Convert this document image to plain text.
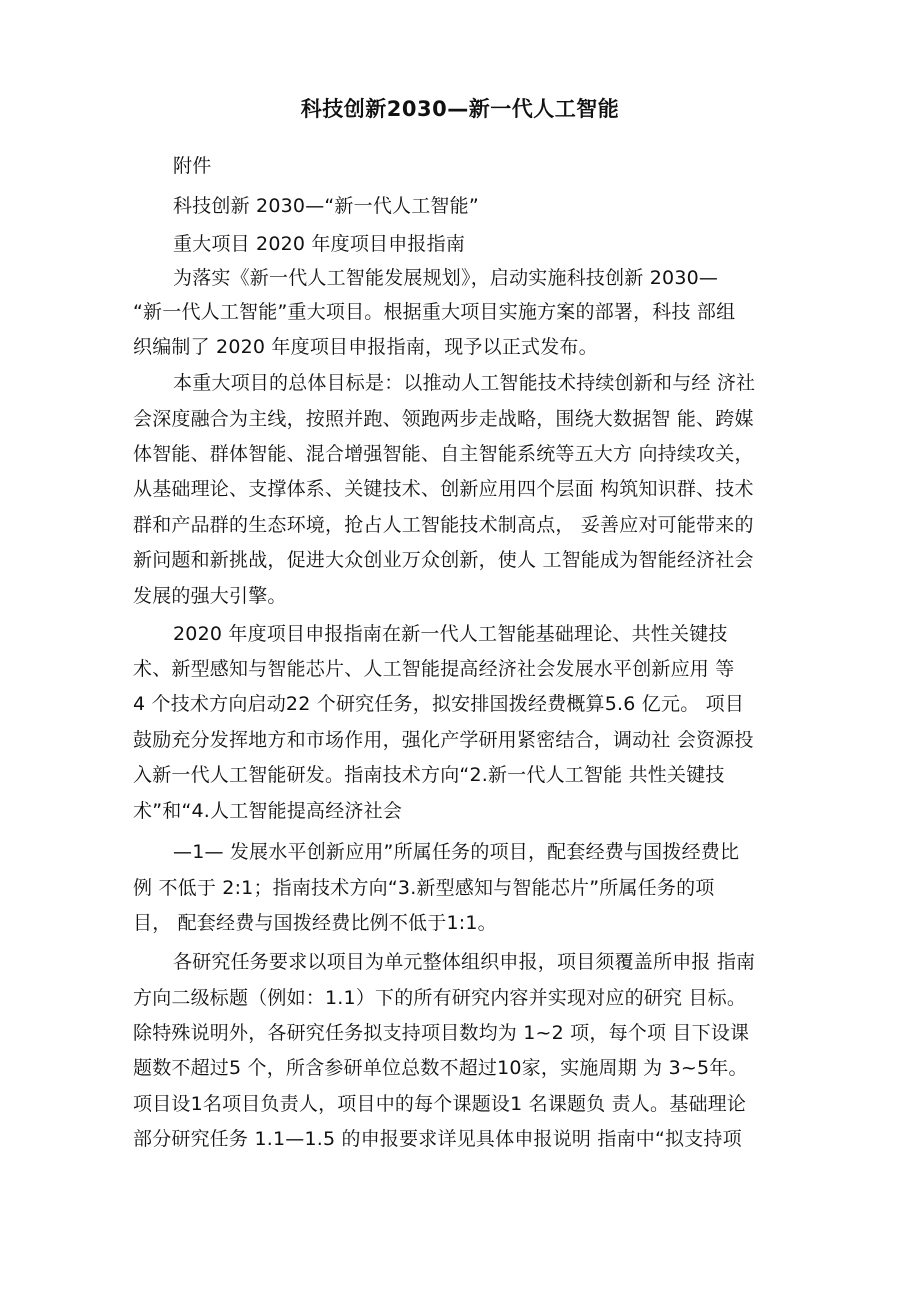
科技创新2030—新一代人工智能
附件
科技创新 2030—“新一代人工智能”
重大项目 2020 年度项目申报指南
为落实《新一代人工智能发展规划》，启动实施科技创新 2030—
“新一代人工智能”重大项目。根据重大项目实施方案的部署，科技 部组
织编制了 2020 年度项目申报指南，现予以正式发布。
本重大项目的总体目标是：以推动人工智能技术持续创新和与经 济社
会深度融合为主线，按照并跑、领跑两步走战略，围绕大数据智 能、跨媒
体智能、群体智能、混合增强智能、自主智能系统等五大方 向持续攻关，
从基础理论、支撑体系、关键技术、创新应用四个层面 构筑知识群、技术
群和产品群的生态环境，抢占人工智能技术制高点， 妥善应对可能带来的
新问题和新挑战，促进大众创业万众创新，使人 工智能成为智能经济社会
发展的强大引擎。
2020 年度项目申报指南在新一代人工智能基础理论、共性关键技
术、新型感知与智能芯片、人工智能提高经济社会发展水平创新应用 等
4 个技术方向启动22 个研究任务，拟安排国拨经费概算5.6 亿元。 项目
鼓励充分发挥地方和市场作用，强化产学研用紧密结合，调动社 会资源投
入新一代人工智能研发。指南技术方向“2.新一代人工智能 共性关键技
术”和“4.人工智能提高经济社会
—1— 发展水平创新应用”所属任务的项目，配套经费与国拨经费比
例 不低于 2:1；指南技术方向“3.新型感知与智能芯片”所属任务的项
目， 配套经费与国拨经费比例不低于1:1。
各研究任务要求以项目为单元整体组织申报，项目须覆盖所申报 指南
方向二级标题（例如：1.1）下的所有研究内容并实现对应的研究 目标。
除特殊说明外，各研究任务拟支持项目数均为 1~2 项，每个项 目下设课
题数不超过5 个，所含参研单位总数不超过10家，实施周期 为 3~5年。
项目设1名项目负责人，项目中的每个课题设1 名课题负 责人。基础理论
部分研究任务 1.1—1.5 的申报要求详见具体申报说明 指南中“拟支持项
